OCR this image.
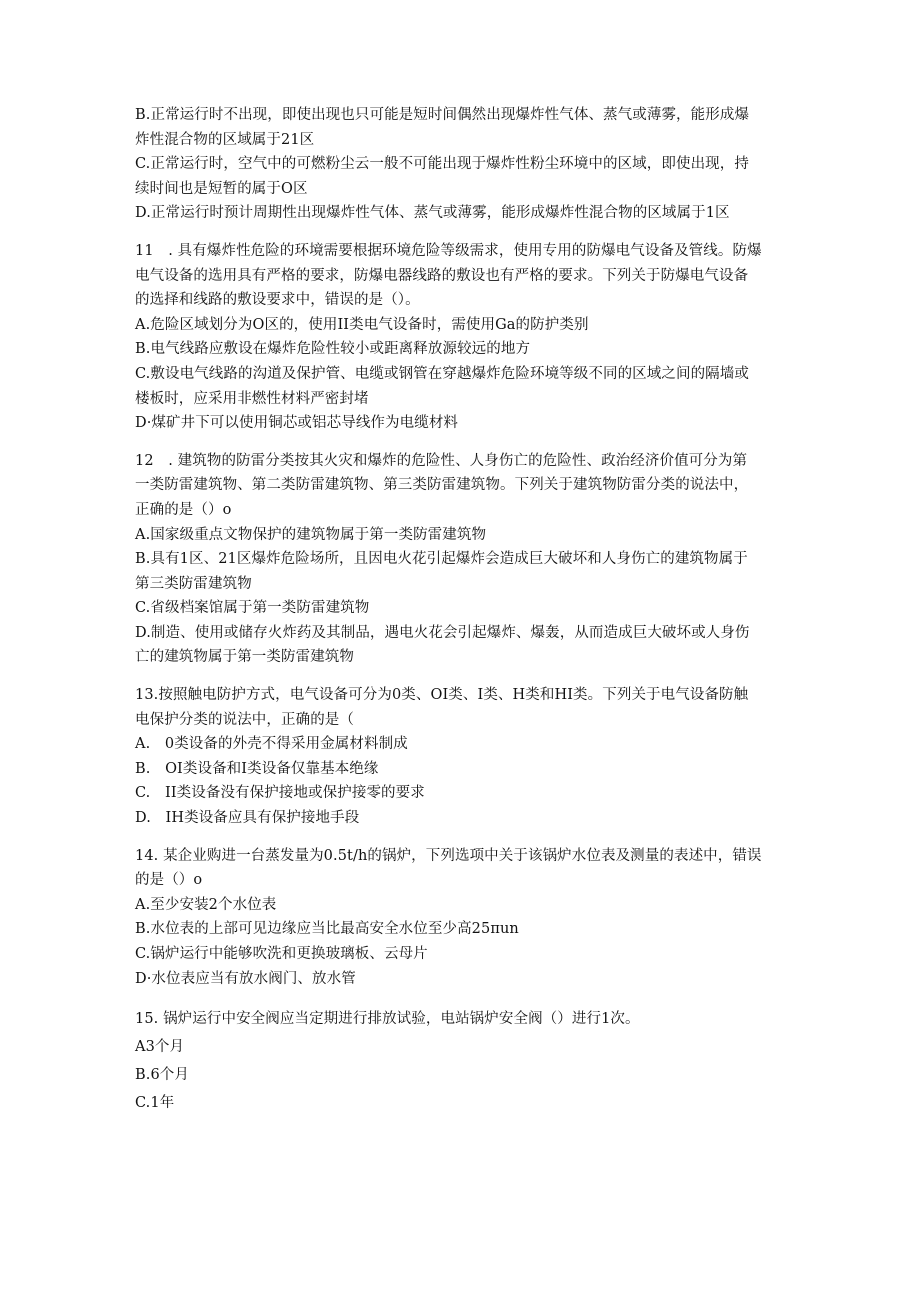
B.正常运行时不出现，即使出现也只可能是短时间偶然出现爆炸性气体、蒸气或薄雾，能形成爆
炸性混合物的区域属于21区
C.正常运行时，空气中的可燃粉尘云一般不可能出现于爆炸性粉尘环境中的区域，即使出现，持
续时间也是短暂的属于O区
D.正常运行时预计周期性出现爆炸性气体、蒸气或薄雾，能形成爆炸性混合物的区域属于1区
11　. 具有爆炸性危险的环境需要根据环境危险等级需求，使用专用的防爆电气设备及管线。防爆
电气设备的选用具有严格的要求，防爆电器线路的敷设也有严格的要求。下列关于防爆电气设备
的选择和线路的敷设要求中，错误的是（）。
A.危险区域划分为O区的，使用II类电气设备时，需使用Ga的防护类别
B.电气线路应敷设在爆炸危险性较小或距离释放源较远的地方
C.敷设电气线路的沟道及保护管、电缆或钢管在穿越爆炸危险环境等级不同的区域之间的隔墙或
楼板时，应采用非燃性材料严密封堵
D·煤矿井下可以使用铜芯或铝芯导线作为电缆材料
12　. 建筑物的防雷分类按其火灾和爆炸的危险性、人身伤亡的危险性、政治经济价值可分为第
一类防雷建筑物、第二类防雷建筑物、第三类防雷建筑物。下列关于建筑物防雷分类的说法中，
正确的是（）o
A.国家级重点文物保护的建筑物属于第一类防雷建筑物
B.具有1区、21区爆炸危险场所，且因电火花引起爆炸会造成巨大破坏和人身伤亡的建筑物属于
第三类防雷建筑物
C.省级档案馆属于第一类防雷建筑物
D.制造、使用或储存火炸药及其制品，遇电火花会引起爆炸、爆轰，从而造成巨大破坏或人身伤
亡的建筑物属于第一类防雷建筑物
13.按照触电防护方式，电气设备可分为0类、OI类、I类、H类和HI类。下列关于电气设备防触
电保护分类的说法中，正确的是（
A.　0类设备的外壳不得采用金属材料制成
B.　OI类设备和I类设备仅靠基本绝缘
C.　II类设备没有保护接地或保护接零的要求
D.　IH类设备应具有保护接地手段
14. 某企业购进一台蒸发量为0.5t/h的锅炉，下列选项中关于该锅炉水位表及测量的表述中，错误
的是（）o
A.至少安装2个水位表
B.水位表的上部可见边缘应当比最高安全水位至少高25πun
C.锅炉运行中能够吹洗和更换玻璃板、云母片
D·水位表应当有放水阀门、放水管
15. 锅炉运行中安全阀应当定期进行排放试验，电站锅炉安全阀（）进行1次。
A3个月
B.6个月
C.1年
